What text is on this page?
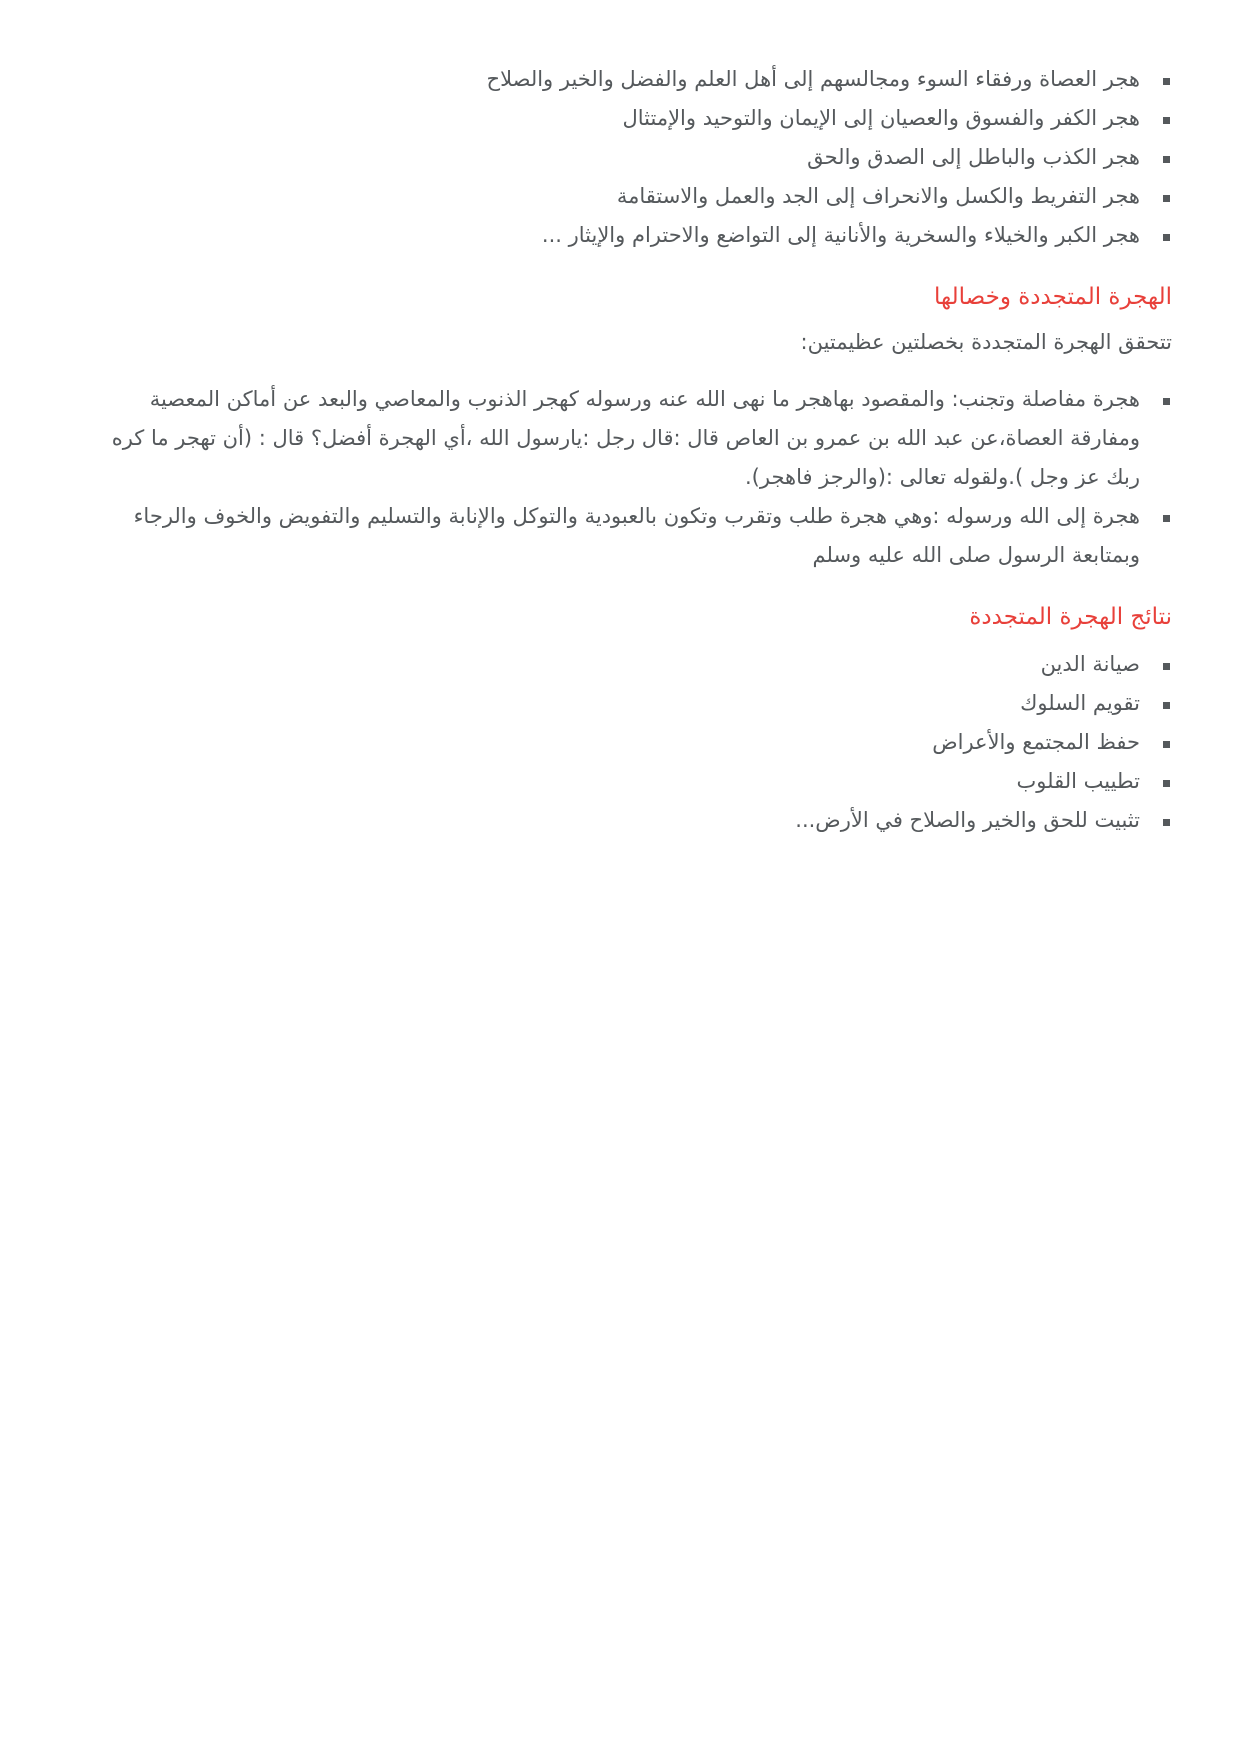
هجر العصاة ورفقاء السوء ومجالسهم إلى أهل العلم والفضل والخير والصلاح
هجر الكفر والفسوق والعصيان إلى الإيمان والتوحيد والإمتثال
هجر الكذب والباطل إلى الصدق والحق
هجر التفريط والكسل والانحراف إلى الجد والعمل والاستقامة
هجر الكبر والخيلاء والسخرية والأنانية إلى التواضع والاحترام والإيثار ...
الهجرة المتجددة وخصالها

تتحقق الهجرة المتجددة بخصلتين عظيمتين:

هجرة مفاصلة وتجنب: والمقصود بهاهجر ما نهى الله عنه ورسوله كهجر الذنوب والمعاصي والبعد عن أماكن المعصية ومفارقة العصاة،عن عبد الله بن عمرو بن العاص قال :قال رجل :يارسول الله ،أي الهجرة أفضل؟ قال : (أن تهجر ما كره ربك عز وجل ).ولقوله تعالى :(والرجز فاهجر).
هجرة إلى الله ورسوله :وهي هجرة طلب وتقرب وتكون بالعبودية والتوكل والإنابة والتسليم والتفويض والخوف والرجاء وبمتابعة الرسول صلى الله عليه وسلم
نتائج الهجرة المتجددة
صيانة الدين
تقويم السلوك
حفظ المجتمع والأعراض
تطييب القلوب
تثبيت للحق والخير والصلاح في الأرض...
